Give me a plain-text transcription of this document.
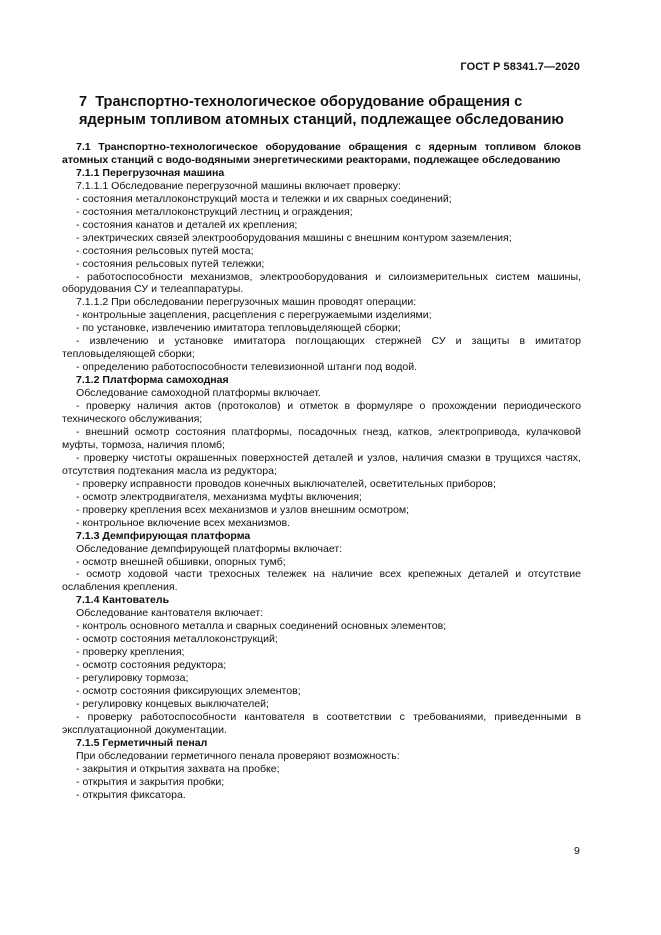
ГОСТ Р 58341.7—2020
7 Транспортно-технологическое оборудование обращения с ядерным топливом атомных станций, подлежащее обследованию

7.1 Транспортно-технологическое оборудование обращения с ядерным топливом блоков атомных станций с водо-водяными энергетическими реакторами, подлежащее обследованию

7.1.1 Перегрузочная машина

7.1.1.1 Обследование перегрузочной машины включает проверку:

- состояния металлоконструкций моста и тележки и их сварных соединений;

- состояния металлоконструкций лестниц и ограждения;

- состояния канатов и деталей их крепления;

- электрических связей электрооборудования машины с внешним контуром заземления;

- состояния рельсовых путей моста;

- состояния рельсовых путей тележки;

- работоспособности механизмов, электрооборудования и силоизмерительных систем машины, оборудования СУ и телеаппаратуры.

7.1.1.2 При обследовании перегрузочных машин проводят операции:

- контрольные зацепления, расцепления с перегружаемыми изделиями;

- по установке, извлечению имитатора тепловыделяющей сборки;

- извлечению и установке имитатора поглощающих стержней СУ и защиты в имитатор тепловыделяющей сборки;

- определению работоспособности телевизионной штанги под водой.

7.1.2 Платформа самоходная

Обследование самоходной платформы включает.

- проверку наличия актов (протоколов) и отметок в формуляре о прохождении периодического технического обслуживания;

- внешний осмотр состояния платформы, посадочных гнезд, катков, электропривода, кулачковой муфты, тормоза, наличия пломб;

- проверку чистоты окрашенных поверхностей деталей и узлов, наличия смазки в трущихся частях, отсутствия подтекания масла из редуктора;

- проверку исправности проводов конечных выключателей, осветительных приборов;

- осмотр электродвигателя, механизма муфты включения;

- проверку крепления всех механизмов и узлов внешним осмотром;

- контрольное включение всех механизмов.

7.1.3 Демпфирующая платформа

Обследование демпфирующей платформы включает:

- осмотр внешней обшивки, опорных тумб;

- осмотр ходовой части трехосных тележек на наличие всех крепежных деталей и отсутствие ослабления крепления.

7.1.4 Кантователь

Обследование кантователя включает:

- контроль основного металла и сварных соединений основных элементов;

- осмотр состояния металлоконструкций;

- проверку крепления;

- осмотр состояния редуктора;

- регулировку тормоза;

- осмотр состояния фиксирующих элементов;

- регулировку концевых выключателей;

- проверку работоспособности кантователя в соответствии с требованиями, приведенными в эксплуатационной документации.

7.1.5 Герметичный пенал

При обследовании герметичного пенала проверяют возможность:

- закрытия и открытия захвата на пробке;

- открытия и закрытия пробки;

- открытия фиксатора.

9
